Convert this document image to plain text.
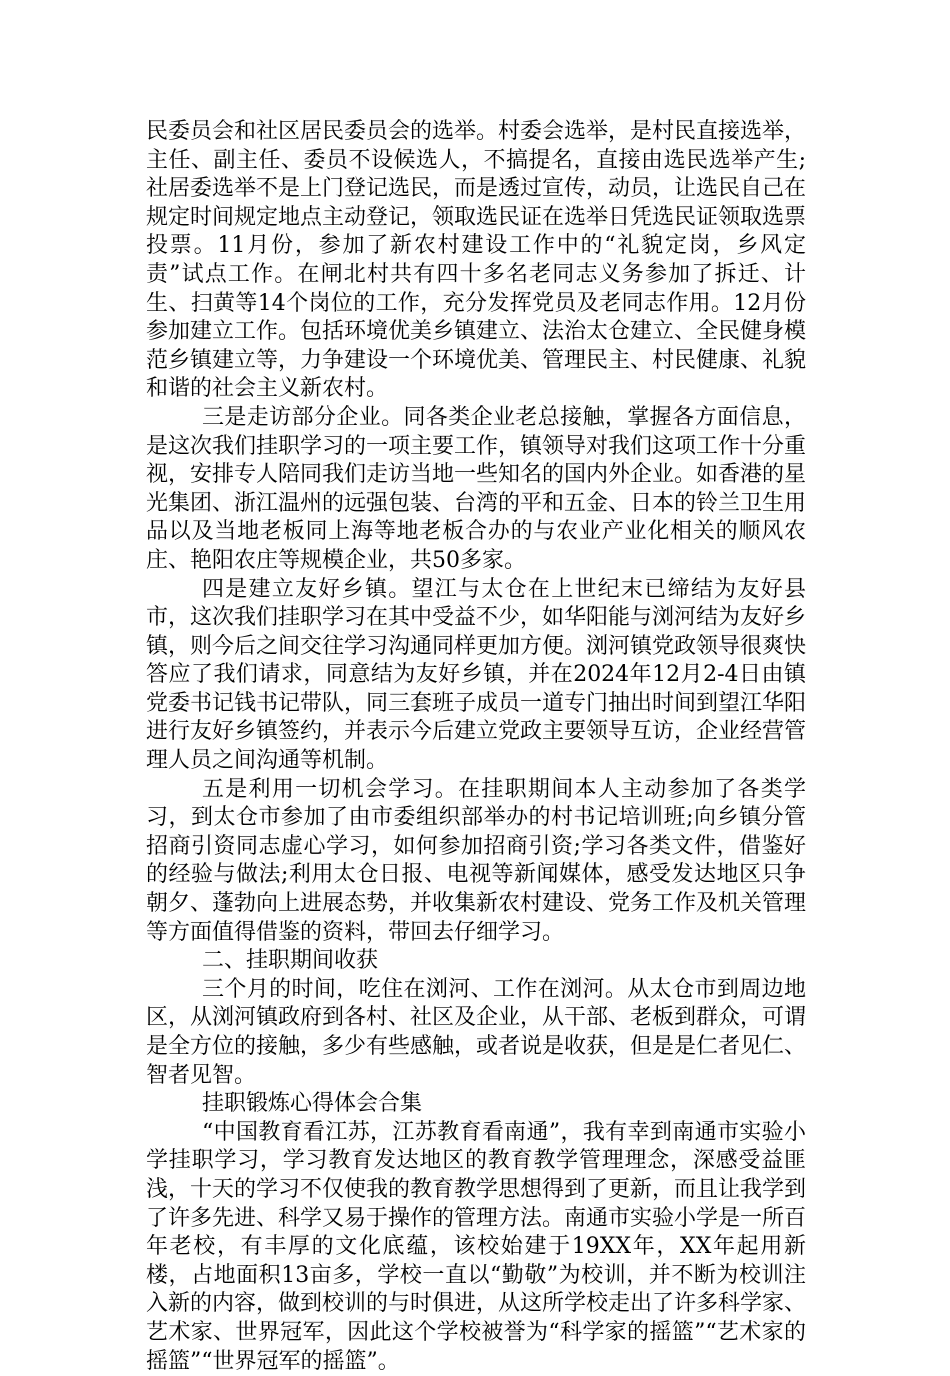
民委员会和社区居民委员会的选举。村委会选举，是村民直接选举，主任、副主任、委员不设候选人，不搞提名，直接由选民选举产生;社居委选举不是上门登记选民，而是透过宣传，动员，让选民自己在规定时间规定地点主动登记，领取选民证在选举日凭选民证领取选票投票。11月份，参加了新农村建设工作中的“礼貌定岗，乡风定责”试点工作。在闸北村共有四十多名老同志义务参加了拆迁、计生、扫黄等14个岗位的工作，充分发挥党员及老同志作用。12月份参加建立工作。包括环境优美乡镇建立、法治太仓建立、全民健身模范乡镇建立等，力争建设一个环境优美、管理民主、村民健康、礼貌和谐的社会主义新农村。

三是走访部分企业。同各类企业老总接触，掌握各方面信息，是这次我们挂职学习的一项主要工作，镇领导对我们这项工作十分重视，安排专人陪同我们走访当地一些知名的国内外企业。如香港的星光集团、浙江温州的远强包装、台湾的平和五金、日本的铃兰卫生用品以及当地老板同上海等地老板合办的与农业产业化相关的顺风农庄、艳阳农庄等规模企业，共50多家。

四是建立友好乡镇。望江与太仓在上世纪末已缔结为友好县市，这次我们挂职学习在其中受益不少，如华阳能与浏河结为友好乡镇，则今后之间交往学习沟通同样更加方便。浏河镇党政领导很爽快答应了我们请求，同意结为友好乡镇，并在2024年12月2-4日由镇党委书记钱书记带队，同三套班子成员一道专门抽出时间到望江华阳进行友好乡镇签约，并表示今后建立党政主要领导互访，企业经营管理人员之间沟通等机制。

五是利用一切机会学习。在挂职期间本人主动参加了各类学习，到太仓市参加了由市委组织部举办的村书记培训班;向乡镇分管招商引资同志虚心学习，如何参加招商引资;学习各类文件，借鉴好的经验与做法;利用太仓日报、电视等新闻媒体，感受发达地区只争朝夕、蓬勃向上进展态势，并收集新农村建设、党务工作及机关管理等方面值得借鉴的资料，带回去仔细学习。

二、挂职期间收获

三个月的时间，吃住在浏河、工作在浏河。从太仓市到周边地区，从浏河镇政府到各村、社区及企业，从干部、老板到群众，可谓是全方位的接触，多少有些感触，或者说是收获，但是是仁者见仁、智者见智。

挂职锻炼心得体会合集

“中国教育看江苏，江苏教育看南通”，我有幸到南通市实验小学挂职学习，学习教育发达地区的教育教学管理理念，深感受益匪浅，十天的学习不仅使我的教育教学思想得到了更新，而且让我学到了许多先进、科学又易于操作的管理方法。南通市实验小学是一所百年老校，有丰厚的文化底蕴，该校始建于19XX年，XX年起用新楼，占地面积13亩多，学校一直以“勤敬”为校训，并不断为校训注入新的内容，做到校训的与时俱进，从这所学校走出了许多科学家、艺术家、世界冠军，因此这个学校被誉为“科学家的摇篮”“艺术家的摇篮”“世界冠军的摇篮”。
